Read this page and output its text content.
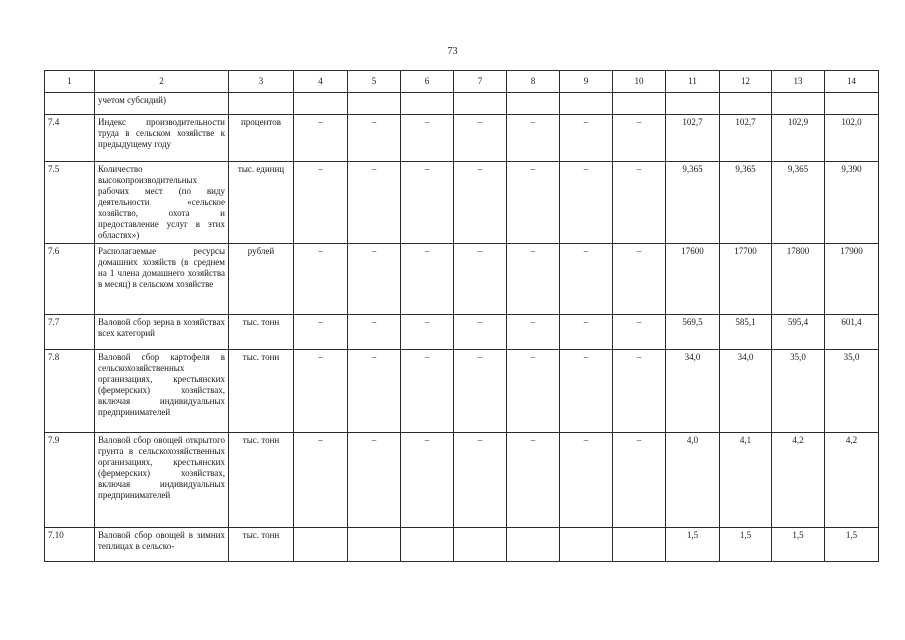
73
1	2	3	4	5	6	7	8	9	10	11	12	13	14
	учетом субсидий)												
7.4	Индекс производительности труда в сельском хозяйстве к предыдущему году	процентов	–	–	–	–	–	–	–	102,7	102,7	102,9	102,0
7.5	Количество высокопроизводительных рабочих мест (по виду деятельности «сельское хозяйство, охота и предоставление услуг в этих областях»)	тыс. единиц	–	–	–	–	–	–	–	9,365	9,365	9,365	9,390
7.6	Располагаемые ресурсы домашних хозяйств (в среднем на 1 члена домашнего хозяйства в месяц) в сельском хозяйстве	рублей	–	–	–	–	–	–	–	17600	17700	17800	17900
7.7	Валовой сбор зерна в хозяйствах всех категорий	тыс. тонн	–	–	–	–	–	–	–	569,5	585,1	595,4	601,4
7.8	Валовой сбор картофеля в сельскохозяйственных организациях, крестьянских (фермерских) хозяйствах, включая индивидуальных предпринимателей	тыс. тонн	–	–	–	–	–	–	–	34,0	34,0	35,0	35,0
7.9	Валовой сбор овощей открытого грунта в сельскохозяйственных организациях, крестьянских (фермерских) хозяйствах, включая индивидуальных предпринимателей	тыс. тонн	–	–	–	–	–	–	–	4,0	4,1	4,2	4,2
7.10	Валовой сбор овощей в зимних теплицах в сельско-	тыс. тонн								1,5	1,5	1,5	1,5
